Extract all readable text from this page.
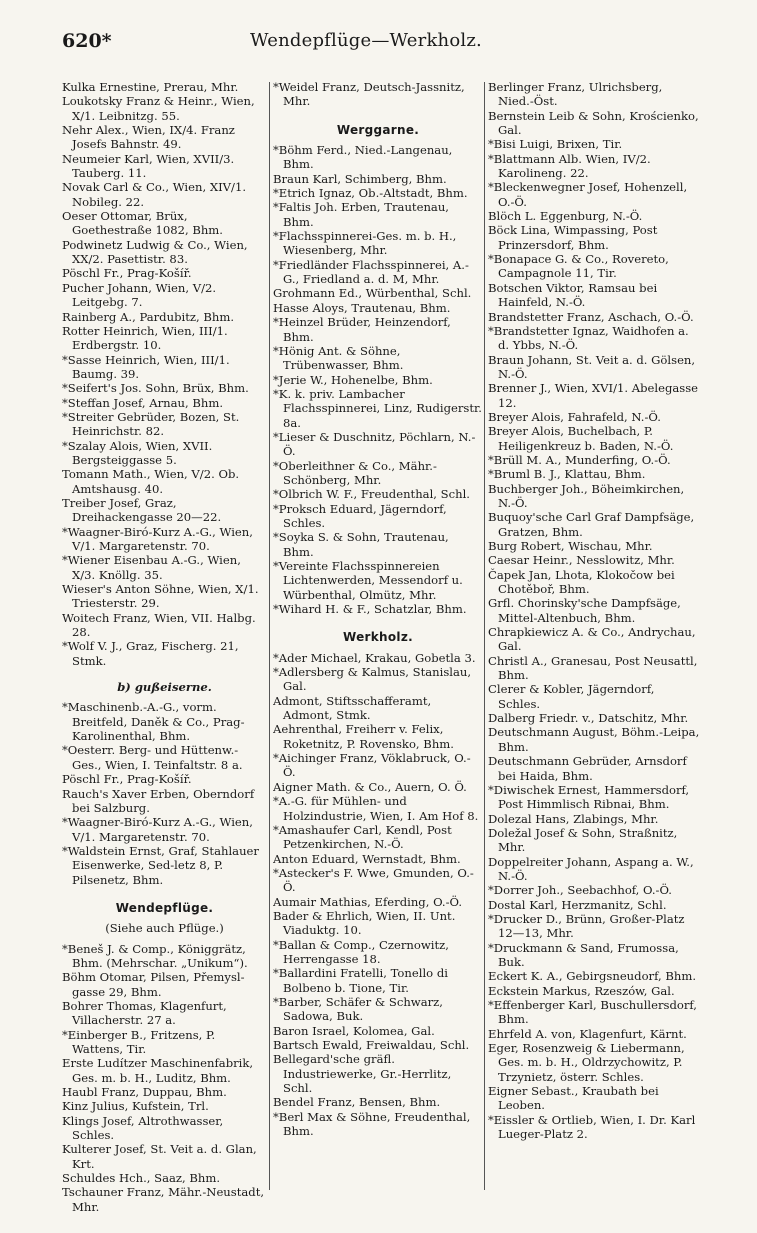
620*	Wendepflüge—Werkholz.

Kulka Ernestine, Prerau, Mhr.

Loukotsky Franz & Heinr., Wien, X/1. Leibnitzg. 55.

Nehr Alex., Wien, IX/4. Franz Josefs Bahnstr. 49.

Neumeier Karl, Wien, XVII/3. Tauberg. 11.

Novak Carl & Co., Wien, XIV/1. Nobileg. 22.

Oeser Ottomar, Brüx, Goethestraße 1082, Bhm.

Podwinetz Ludwig & Co., Wien, XX/2. Pasettistr. 83.

Pöschl Fr., Prag-Košíř.

Pucher Johann, Wien, V/2. Leitgebg. 7.

Rainberg A., Pardubitz, Bhm.

Rotter Heinrich, Wien, III/1. Erdbergstr. 10.

*Sasse Heinrich, Wien, III/1. Baumg. 39.

*Seifert's Jos. Sohn, Brüx, Bhm.

*Steffan Josef, Arnau, Bhm.

*Streiter Gebrüder, Bozen, St. Heinrichstr. 82.

*Szalay Alois, Wien, XVII. Bergsteiggasse 5.

Tomann Math., Wien, V/2. Ob. Amtshausg. 40.

Treiber Josef, Graz, Dreihackengasse 20—22.

*Waagner-Biró-Kurz A.-G., Wien, V/1. Margaretenstr. 70.

*Wiener Eisenbau A.-G., Wien, X/3. Knöllg. 35.

Wieser's Anton Söhne, Wien, X/1. Triesterstr. 29.

Woitech Franz, Wien, VII. Halbg. 28.

*Wolf V. J., Graz, Fischerg. 21, Stmk.

b) gußeiserne.

*Maschinenb.-A.-G., vorm. Breitfeld, Daněk & Co., Prag-Karolinenthal, Bhm.

*Oesterr. Berg- und Hüttenw.-Ges., Wien, I. Teinfaltstr. 8 a.

Pöschl Fr., Prag-Košíř.

Rauch's Xaver Erben, Oberndorf bei Salzburg.

*Waagner-Biró-Kurz A.-G., Wien, V/1. Margaretenstr. 70.

*Waldstein Ernst, Graf, Stahlauer Eisenwerke, Sed-letz 8, P. Pilsenetz, Bhm.

Wendepflüge.
(Siehe auch Pflüge.)

*Beneš J. & Comp., Königgrätz, Bhm. (Mehrschar. „Unikum“).

Böhm Otomar, Pilsen, Přemysl-gasse 29, Bhm.

Bohrer Thomas, Klagenfurt, Villacherstr. 27 a.

*Einberger B., Fritzens, P. Wattens, Tir.

Erste Ludítzer Maschinenfabrik, Ges. m. b. H., Luditz, Bhm.

Haubl Franz, Duppau, Bhm.

Kinz Julius, Kufstein, Trl.

Klings Josef, Altrothwasser, Schles.

Kulterer Josef, St. Veit a. d. Glan, Krt.

Schuldes Hch., Saaz, Bhm.

Tschauner Franz, Mähr.-Neustadt, Mhr.

*Weidel Franz, Deutsch-Jassnitz, Mhr.

Werggarne.

*Böhm Ferd., Nied.-Langenau, Bhm.

Braun Karl, Schimberg, Bhm.

*Etrich Ignaz, Ob.-Altstadt, Bhm.

*Faltis Joh. Erben, Trautenau, Bhm.

*Flachsspinnerei-Ges. m. b. H., Wiesenberg, Mhr.

*Friedländer Flachsspinnerei, A.-G., Friedland a. d. M, Mhr.

Grohmann Ed., Würbenthal, Schl.

Hasse Aloys, Trautenau, Bhm.

*Heinzel Brüder, Heinzendorf, Bhm.

*Hönig Ant. & Söhne, Trübenwasser, Bhm.

*Jerie W., Hohenelbe, Bhm.

*K. k. priv. Lambacher Flachsspinnerei, Linz, Rudigerstr. 8a.

*Lieser & Duschnitz, Pöchlarn, N.-Ö.

*Oberleithner & Co., Mähr.-Schönberg, Mhr.

*Olbrich W. F., Freudenthal, Schl.

*Proksch Eduard, Jägerndorf, Schles.

*Soyka S. & Sohn, Trautenau, Bhm.

*Vereinte Flachsspinnereien Lichtenwerden, Messendorf u. Würbenthal, Olmütz, Mhr.

*Wihard H. & F., Schatzlar, Bhm.

Werkholz.

*Ader Michael, Krakau, Gobetla 3.

*Adlersberg & Kalmus, Stanislau, Gal.

Admont, Stiftsschafferamt, Admont, Stmk.

Aehrenthal, Freiherr v. Felix, Roketnitz, P. Rovensko, Bhm.

*Aichinger Franz, Vöklabruck, O.-Ö.

Aigner Math. & Co., Auern, O. Ö.

*A.-G. für Mühlen- und Holzindustrie, Wien, I. Am Hof 8.

*Amashaufer Carl, Kendl, Post Petzenkirchen, N.-Ö.

Anton Eduard, Wernstadt, Bhm.

*Astecker's F. Wwe, Gmunden, O.-Ö.

Aumair Mathias, Eferding, O.-Ö.

Bader & Ehrlich, Wien, II. Unt. Viaduktg. 10.

*Ballan & Comp., Czernowitz, Herrengasse 18.

*Ballardini Fratelli, Tonello di Bolbeno b. Tione, Tir.

*Barber, Schäfer & Schwarz, Sadowa, Buk.

Baron Israel, Kolomea, Gal.

Bartsch Ewald, Freiwaldau, Schl.

Bellegard'sche gräfl. Industriewerke, Gr.-Herrlitz, Schl.

Bendel Franz, Bensen, Bhm.

*Berl Max & Söhne, Freudenthal, Bhm.

Berlinger Franz, Ulrichsberg, Nied.-Öst.

Bernstein Leib & Sohn, Krościenko, Gal.

*Bisi Luigi, Brixen, Tir.

*Blattmann Alb. Wien, IV/2. Karolineng. 22.

*Bleckenwegner Josef, Hohenzell, O.-Ö.

Blöch L. Eggenburg, N.-Ö.

Böck Lina, Wimpassing, Post Prinzersdorf, Bhm.

*Bonapace G. & Co., Rovereto, Campagnole 11, Tir.

Botschen Viktor, Ramsau bei Hainfeld, N.-Ö.

Brandstetter Franz, Aschach, O.-Ö.

*Brandstetter Ignaz, Waidhofen a. d. Ybbs, N.-Ö.

Braun Johann, St. Veit a. d. Gölsen, N.-Ö.

Brenner J., Wien, XVI/1. Abelegasse 12.

Breyer Alois, Fahrafeld, N.-Ö.

Breyer Alois, Buchelbach, P. Heiligenkreuz b. Baden, N.-Ö.

*Brüll M. A., Munderfing, O.-Ö.

*Bruml B. J., Klattau, Bhm.

Buchberger Joh., Böheimkirchen, N.-Ö.

Buquoy'sche Carl Graf Dampfsäge, Gratzen, Bhm.

Burg Robert, Wischau, Mhr.

Caesar Heinr., Nesslowitz, Mhr.

Čapek Jan, Lhota, Klokočow bei Chotěboř, Bhm.

Grfl. Chorinsky'sche Dampfsäge, Mittel-Altenbuch, Bhm.

Chrapkiewicz A. & Co., Andrychau, Gal.

Christl A., Granesau, Post Neusattl, Bhm.

Clerer & Kobler, Jägerndorf, Schles.

Dalberg Friedr. v., Datschitz, Mhr.

Deutschmann August, Böhm.-Leipa, Bhm.

Deutschmann Gebrüder, Arnsdorf bei Haida, Bhm.

*Diwischek Ernest, Hammersdorf, Post Himmlisch Ribnai, Bhm.

Dolezal Hans, Zlabings, Mhr.

Doležal Josef & Sohn, Straßnitz, Mhr.

Doppelreiter Johann, Aspang a. W., N.-Ö.

*Dorrer Joh., Seebachhof, O.-Ö.

Dostal Karl, Herzmanitz, Schl.

*Drucker D., Brünn, Großer-Platz 12—13, Mhr.

*Druckmann & Sand, Frumossa, Buk.

Eckert K. A., Gebirgsneudorf, Bhm.

Eckstein Markus, Rzeszów, Gal.

*Effenberger Karl, Buschullersdorf, Bhm.

Ehrfeld A. von, Klagenfurt, Kärnt.

Eger, Rosenzweig & Liebermann, Ges. m. b. H., Oldrzychowitz, P. Trzynietz, österr. Schles.

Eigner Sebast., Kraubath bei Leoben.

*Eissler & Ortlieb, Wien, I. Dr. Karl Lueger-Platz 2.
